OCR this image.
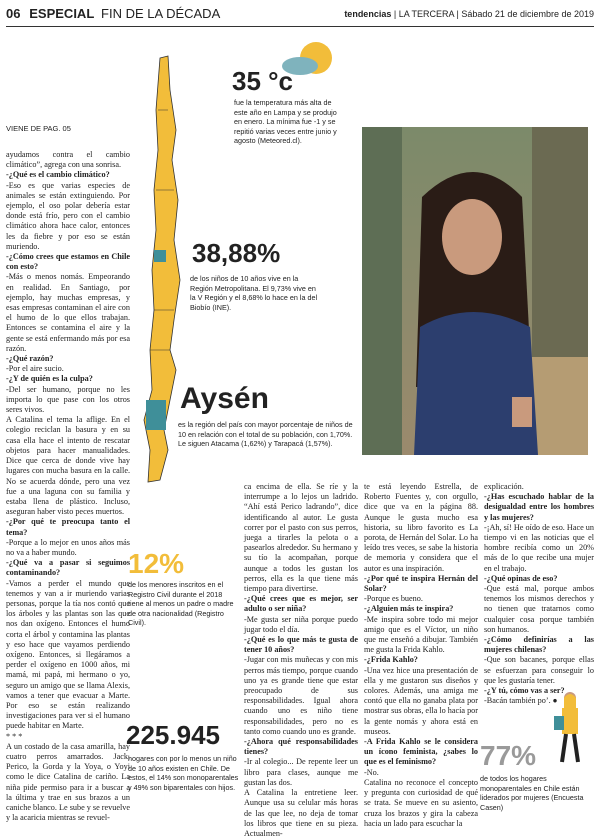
06 ESPECIAL FIN DE LA DÉCADA	tendencias | LA TERCERA | Sábado 21 de diciembre de 2019
35 °c
fue la temperatura más alta de este año en Lampa y se produjo en enero. La mínima fue -1 y se repitió varias veces entre junio y agosto (Meteored.cl).
VIENE DE PAG. 05
38,88%
de los niños de 10 años vive en la Región Metropolitana. El 9,73% vive en la V Región y el 8,68% lo hace en la del Biobío (INE).
Aysén
es la región del país con mayor porcentaje de niños de 10 en relación con el total de su población, con 1,70%. Le siguen Atacama (1,62%) y Tarapacá (1,57%).

ayudamos contra el cambio climático”, agrega con una sonrisa.

-¿Qué es el cambio climático?

-Eso es que varias especies de animales se están extinguiendo. Por ejemplo, el oso polar debería estar donde está frío, pero con el cambio climático ahora hace calor, entonces les da fiebre y por eso se están muriendo.

-¿Cómo crees que estamos en Chile con esto?

-Más o menos nomás. Empeorando en realidad. En Santiago, por ejemplo, hay muchas empresas, y esas empresas contaminan el aire con el humo de lo que ellos trabajan. Entonces se contamina el aire y la gente se está enfermando más por esa razón.

-¿Qué razón?

-Por el aire sucio.

-¿Y de quién es la culpa?

-Del ser humano, porque no les importa lo que pase con los otros seres vivos.

A Catalina el tema la aflige. En el colegio reciclan la basura y en su casa ella hace el intento de rescatar objetos para hacer manualidades. Dice que cerca de donde vive hay lugares con mucha basura en la calle. No se acuerda dónde, pero una vez fue a una laguna con su familia y estaba llena de plástico. Incluso, aseguran haber visto peces muertos.

-¿Por qué te preocupa tanto el tema?

-Porque a lo mejor en unos años más no va a haber mundo.

-¿Qué va a pasar si seguimos contaminando?

-Vamos a perder el mundo que tenemos y van a ir muriendo varias personas, porque la tía nos contó que los árboles y las plantas son las que nos dan oxígeno. Entonces el humo corta el árbol y contamina las plantas y eso hace que vayamos perdiendo oxígeno. Entonces, si llegáramos a perder el oxígeno en 1000 años, mi mamá, mi papá, mi hermano o yo, seguro un amigo que se llama Alexis, vamos a tener que evacuar a Marte. Por eso se están realizando investigaciones para ver si el humano puede habitar en Marte.

* * *

A un costado de la casa amarilla, hay cuatro perros amarrados. Jack, Perico, la Gorda y la Yoya, o Yoyi como le dice Catalina de cariño. La niña pide permiso para ir a buscar a la última y trae en sus brazos a un caniche blanco. Le sube y se revuelve y la acaricia mientras se revuel-

12%
de los menores inscritos en el Registro Civil durante el 2018 tiene al menos un padre o madre de otra nacionalidad (Registro Civil).
225.945
hogares con por lo menos un niño de 10 años existen en Chile. De estos, el 14% son monoparentales y 49% son biparentales con hijos.

ca encima de ella. Se ríe y la interrumpe a lo lejos un ladrido. “Ahí está Perico ladrando”, dice identificando al autor. Le gusta correr por el pasto con sus perros, juega a tirarles la pelota o a pasearlos alrededor. Su hermano y su tío la acompañan, porque aunque a todos les gustan los perros, ella es la que tiene más tiempo para divertirse.

-¿Qué crees que es mejor, ser adulto o ser niña?

-Me gusta ser niña porque puedo jugar todo el día.

-¿Qué es lo que más te gusta de tener 10 años?

-Jugar con mis muñecas y con mis perros más tiempo, porque cuando uno ya es grande tiene que estar preocupado de sus responsabilidades. Igual ahora cuando uno es niño tiene responsabilidades, pero no es tanto como cuando uno es grande.

-¿Ahora qué responsabilidades tienes?

-Ir al colegio... De repente leer un libro para clases, aunque me gustan las dos.

A Catalina la entretiene leer. Aunque usa su celular más horas de las que lee, no deja de tomar los libros que tiene en su pieza. Actualmen-

te está leyendo Estrella, de Roberto Fuentes y, con orgullo, dice que va en la página 88. Aunque le gusta mucho esa historia, su libro favorito es La porota, de Hernán del Solar. Lo ha leído tres veces, se sabe la historia de memoria y considera que el autor es una inspiración.

-¿Por qué te inspira Hernán del Solar?

-Porque es bueno.

-¿Alguien más te inspira?

-Me inspira sobre todo mi mejor amigo que es el Víctor, un niño que me enseñó a dibujar. También me gusta la Frida Kahlo.

-¿Frida Kahlo?

-Una vez hice una presentación de ella y me gustaron sus diseños y colores. Además, una amiga me contó que ella no ganaba plata por mostrar sus obras, ella lo hacía por la gente nomás y ahora está en museos.

-A Frida Kahlo se le considera un ícono feminista, ¿sabes lo que es el feminismo?

-No.

Catalina no reconoce el concepto y pregunta con curiosidad de qué se trata. Se mueve en su asiento, cruza los brazos y gira la cabeza hacia un lado para escuchar la

explicación.

-¿Has escuchado hablar de la desigualdad entre los hombres y las mujeres?

-¡Ah, sí! He oído de eso. Hace un tiempo vi en las noticias que el hombre recibía como un 20% más de lo que recibe una mujer en el trabajo.

-¿Qué opinas de eso?

-Que está mal, porque ambos tenemos los mismos derechos y no tienen que tratarnos como cualquier cosa porque también son humanos.

-¿Cómo definirías a las mujeres chilenas?

-Que son bacanes, porque ellas se esfuerzan para conseguir lo que les gustaría tener.

-¿Y tú, cómo vas a ser?

-Bacán también po’. ●

77%
de todos los hogares monoparentales en Chile están liderados por mujeres (Encuesta Casen)
